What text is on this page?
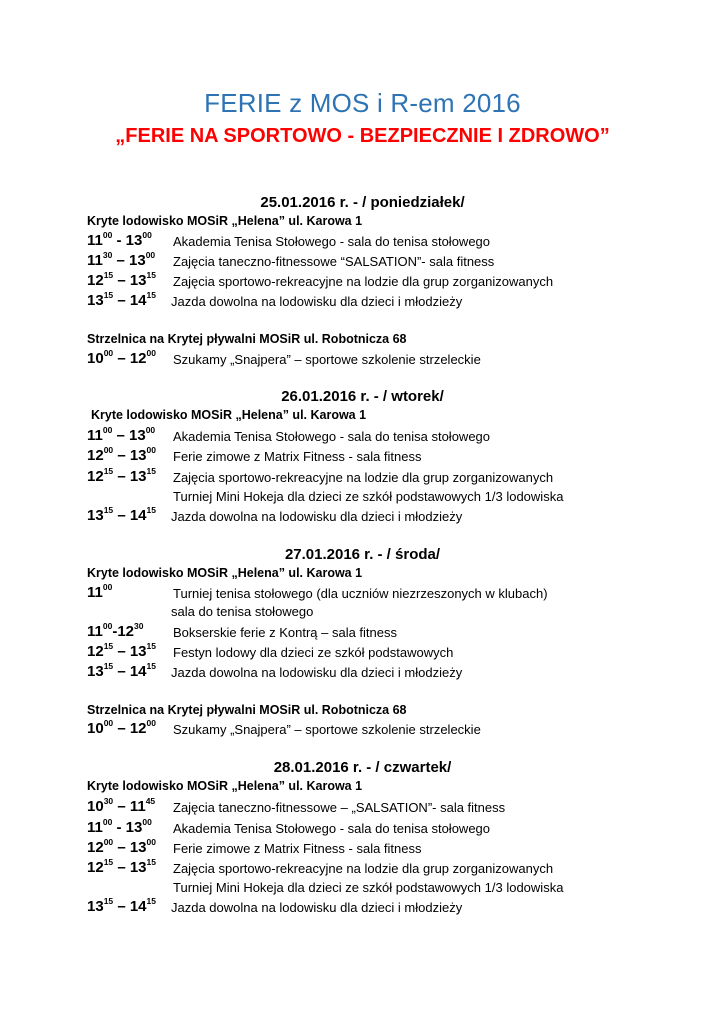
FERIE z MOS i R-em 2016
„FERIE NA SPORTOWO - BEZPIECZNIE I ZDROWO”
25.01.2016 r. - / poniedziałek/
Kryte lodowisko MOSiR „Helena” ul. Karowa 1
$11^{00} - 13^{00}$ Akademia Tenisa Stołowego - sala do tenisa stołowego
$11^{30} - 13^{00}$ Zajęcia taneczno-fitnessowe “SALSATION”- sala fitness
$12^{15} - 13^{15}$ Zajęcia sportowo-rekreacyjne na lodzie dla grup zorganizowanych
$13^{15} - 14^{15}$ Jazda dowolna na lodowisku dla dzieci i młodzieży
Strzelnica na Krytej pływalni MOSiR ul. Robotnicza 68
$10^{00} - 12^{00}$ Szukamy „Snajpera” – sportowe szkolenie strzeleckie
26.01.2016 r. - / wtorek/
Kryte lodowisko MOSiR „Helena” ul. Karowa 1
$11^{00} - 13^{00}$ Akademia Tenisa Stołowego - sala do tenisa stołowego
$12^{00} - 13^{00}$ Ferie zimowe z Matrix Fitness - sala fitness
$12^{15} - 13^{15}$ Zajęcia sportowo-rekreacyjne na lodzie dla grup zorganizowanych
Turniej Mini Hokeja dla dzieci ze szkół podstawowych 1/3 lodowiska
$13^{15} - 14^{15}$ Jazda dowolna na lodowisku dla dzieci i młodzieży
27.01.2016 r. - / środa/
Kryte lodowisko MOSiR „Helena” ul. Karowa 1
$11^{00}$	Turniej tenisa stołowego (dla uczniów niezrzeszonych w klubach)
sala do tenisa stołowego
$11^{00}-12^{30}$ Bokserskie ferie z Kontrą – sala fitness
$12^{15} - 13^{15}$ Festyn lodowy dla dzieci ze szkół podstawowych
$13^{15} - 14^{15}$ Jazda dowolna na lodowisku dla dzieci i młodzieży
Strzelnica na Krytej pływalni MOSiR ul. Robotnicza 68
$10^{00} - 12^{00}$ Szukamy „Snajpera” – sportowe szkolenie strzeleckie
28.01.2016 r. - / czwartek/
Kryte lodowisko MOSiR „Helena” ul. Karowa 1
$10^{30} - 11^{45}$ Zajęcia taneczno-fitnessowe – „SALSATION”- sala fitness
$11^{00} - 13^{00}$ Akademia Tenisa Stołowego - sala do tenisa stołowego
$12^{00} - 13^{00}$ Ferie zimowe z Matrix Fitness - sala fitness
$12^{15} - 13^{15}$ Zajęcia sportowo-rekreacyjne na lodzie dla grup zorganizowanych
Turniej Mini Hokeja dla dzieci ze szkół podstawowych 1/3 lodowiska
$13^{15} - 14^{15}$ Jazda dowolna na lodowisku dla dzieci i młodzieży
